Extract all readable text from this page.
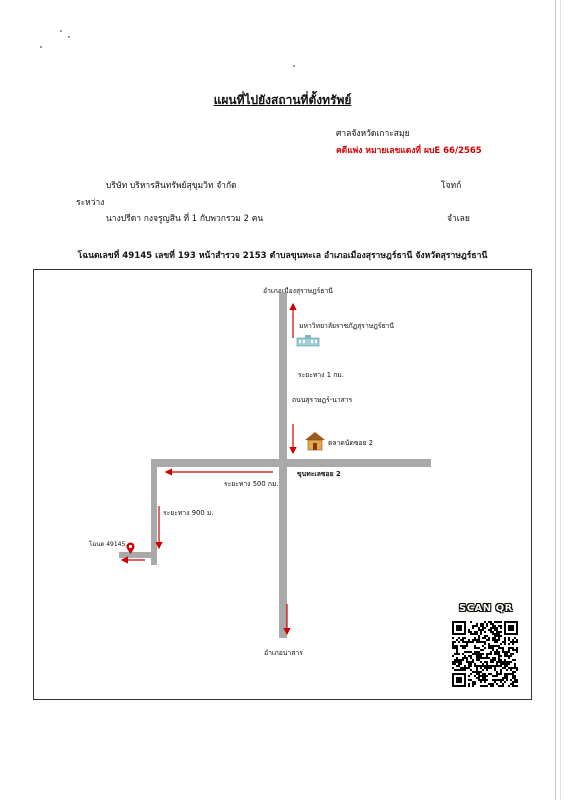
แผนที่ไปยังสถานที่ตั้งทรัพย์
ศาลจังหวัดเกาะสมุย
คดีแพ่ง หมายเลขแดงที่ ผบE 66/2565
บริษัท บริหารสินทรัพย์สุขุมวิท จำกัด	โจทก์
ระหว่าง
นางปรีดา กงจรูญสิน ที่ 1 กับพวกรวม 2 คน	จำเลย
โฉนดเลขที่ 49145 เลขที่ 193 หน้าสำรวจ 2153 ตำบลขุนทะเล อำเภอเมืองสุราษฎร์ธานี จังหวัดสุราษฎร์ธานี
อำเภอเมืองสุราษฎร์ธานี
มหาวิทยาลัยราชภัฏสุราษฎร์ธานี
ระยะทาง 1 กม.
ถนนสุราษฎร์-นาสาร
ตลาดนัดซอย 2
ขุนทะเลซอย 2
ระยะทาง 500 กม.
ระยะทาง 900 ม.
โฉนด 49145
อำเภอนาสาร
SCAN QR
